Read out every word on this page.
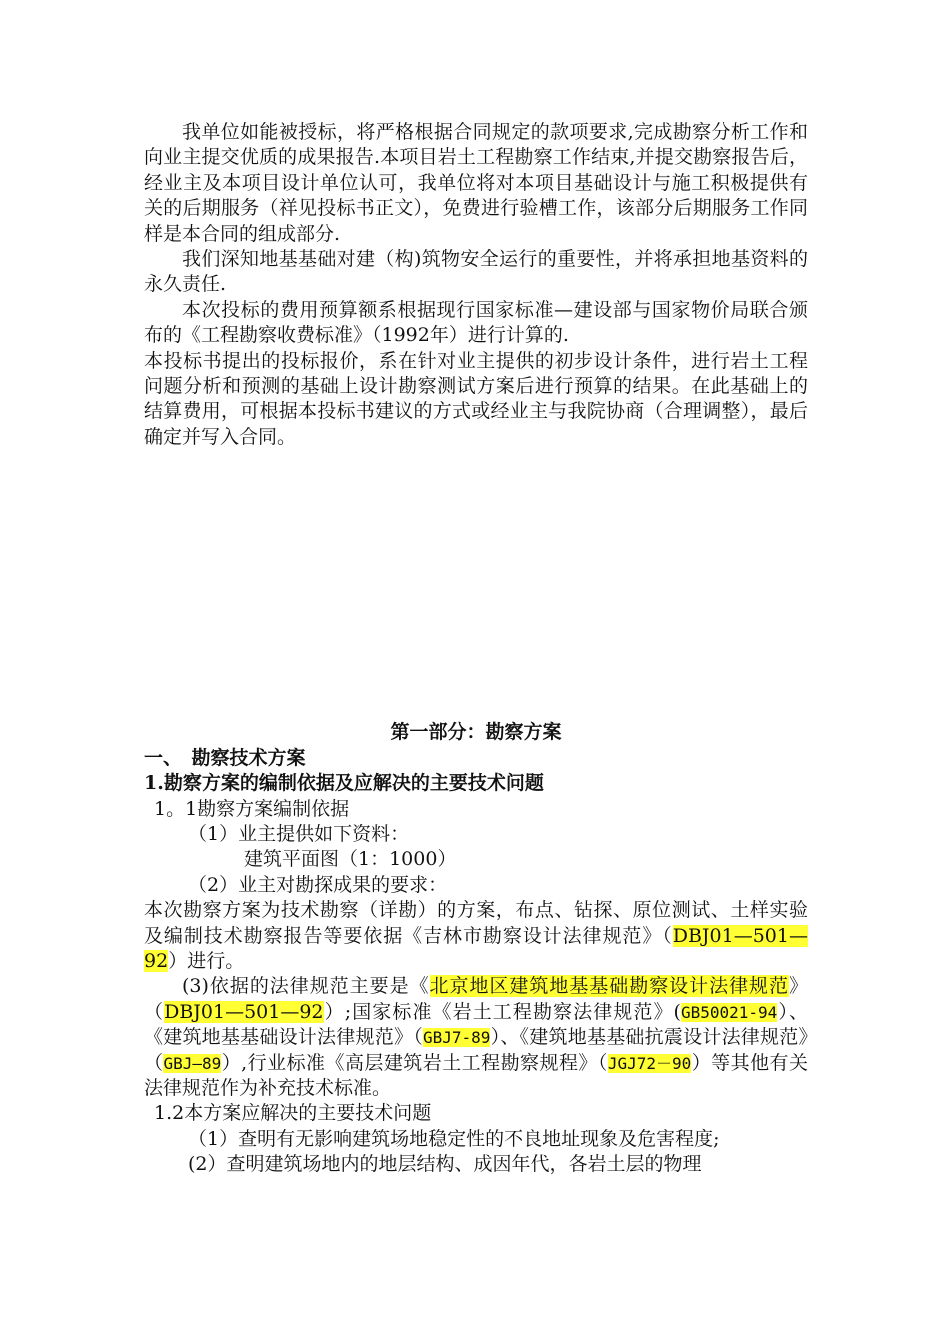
我单位如能被授标，将严格根据合同规定的款项要求,完成勘察分析工作和向业主提交优质的成果报告.本项目岩土工程勘察工作结束,并提交勘察报告后，经业主及本项目设计单位认可，我单位将对本项目基础设计与施工积极提供有关的后期服务（祥见投标书正文），免费进行验槽工作，该部分后期服务工作同样是本合同的组成部分.

我们深知地基基础对建（构)筑物安全运行的重要性，并将承担地基资料的永久责任.

本次投标的费用预算额系根据现行国家标准—建设部与国家物价局联合颁布的《工程勘察收费标准》（1992年）进行计算的.

本投标书提出的投标报价，系在针对业主提供的初步设计条件，进行岩土工程问题分析和预测的基础上设计勘察测试方案后进行预算的结果。在此基础上的结算费用，可根据本投标书建议的方式或经业主与我院协商（合理调整），最后确定并写入合同。

第一部分：勘察方案

一、　勘察技术方案

1.勘察方案的编制依据及应解决的主要技术问题

1。1勘察方案编制依据

（1）业主提供如下资料：

建筑平面图（1：1000）

（2）业主对勘探成果的要求：

本次勘察方案为技术勘察（详勘）的方案，布点、钻探、原位测试、土样实验及编制技术勘察报告等要依据《吉林市勘察设计法律规范》（DBJ01—501—92）进行。

(3)依据的法律规范主要是《北京地区建筑地基基础勘察设计法律规范》（DBJ01—501—92）;国家标准《岩土工程勘察法律规范》(GB50021-94）、《建筑地基基础设计法律规范》（GBJ7-89）、《建筑地基基础抗震设计法律规范》（GBJ—89）,行业标准《高层建筑岩土工程勘察规程》（JGJ72－90）等其他有关法律规范作为补充技术标准。

1.2本方案应解决的主要技术问题

（1）查明有无影响建筑场地稳定性的不良地址现象及危害程度;

(2）查明建筑场地内的地层结构、成因年代，各岩土层的物理
